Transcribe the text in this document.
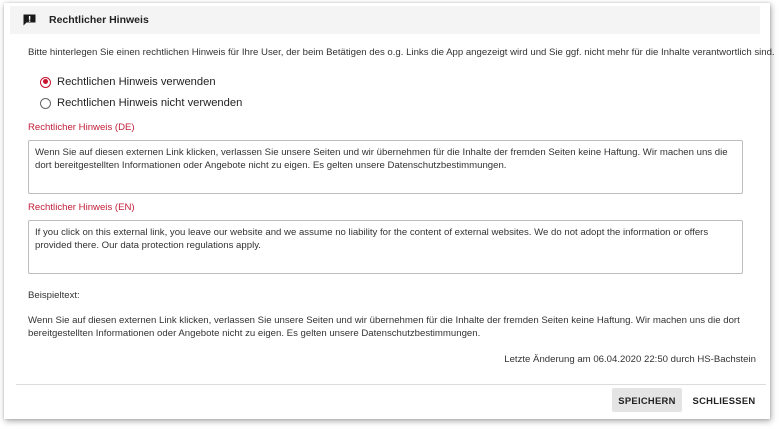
Rechtlicher Hinweis
Bitte hinterlegen Sie einen rechtlichen Hinweis für Ihre User, der beim Betätigen des o.g. Links die App angezeigt wird und Sie ggf. nicht mehr für die Inhalte verantwortlich sind.
Rechtlichen Hinweis verwenden
Rechtlichen Hinweis nicht verwenden
Rechtlicher Hinweis (DE)
Wenn Sie auf diesen externen Link klicken, verlassen Sie unsere Seiten und wir übernehmen für die Inhalte der fremden Seiten keine Haftung. Wir machen uns die dort bereitgestellten Informationen oder Angebote nicht zu eigen. Es gelten unsere Datenschutzbestimmungen.
Rechtlicher Hinweis (EN)
If you click on this external link, you leave our website and we assume no liability for the content of external websites. We do not adopt the information or offers provided there. Our data protection regulations apply.
Beispieltext:
Wenn Sie auf diesen externen Link klicken, verlassen Sie unsere Seiten und wir übernehmen für die Inhalte der fremden Seiten keine Haftung. Wir machen uns die dort bereitgestellten Informationen oder Angebote nicht zu eigen. Es gelten unsere Datenschutzbestimmungen.
Letzte Änderung am 06.04.2020 22:50 durch HS-Bachstein
SPEICHERN	SCHLIESSEN
